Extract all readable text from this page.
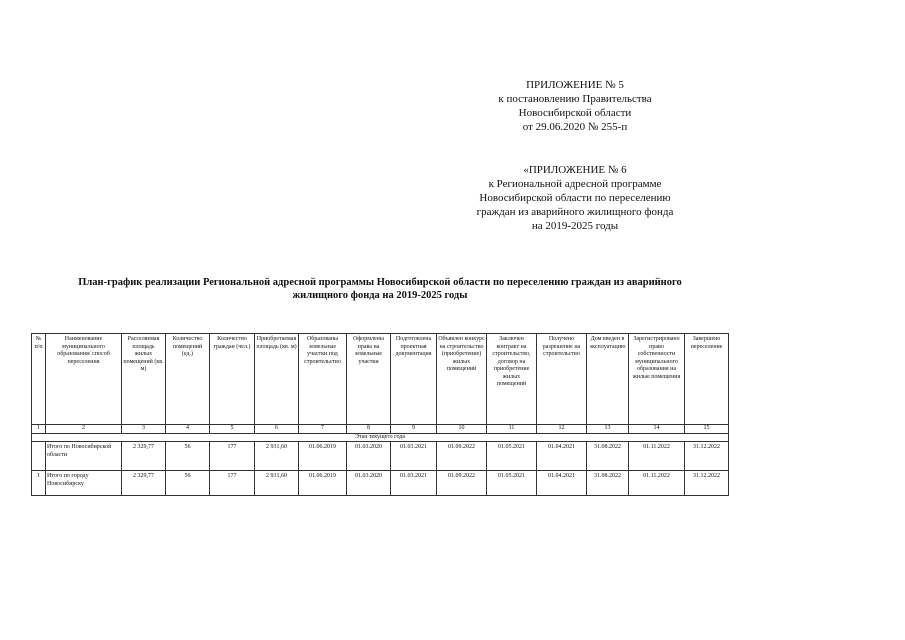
ПРИЛОЖЕНИЕ № 5
к постановлению Правительства
Новосибирской области
от 29.06.2020 № 255-п
«ПРИЛОЖЕНИЕ № 6
к Региональной адресной программе
Новосибирской области по переселению
граждан из аварийного жилищного фонда
на 2019-2025 годы
План-график реализации Региональной адресной программы Новосибирской области по переселению граждан из аварийного
жилищного фонда на 2019-2025 годы
№ п/п	Наименование муниципального образования/ способ переселения	Расселяемая площадь жилых помещений (кв. м)	Количество помещений (ед.)	Количество граждан (чел.)	Приобретаемая площадь (кв. м)	Образованы земельные участки под строительство	Оформлены права на земельные участки	Подготовлена проектная документация	Объявлен конкурс на строительство (приобретение) жилых помещений	Заключен контракт на строительство, договор на приобретение жилых помещений	Получено разрешение на строительство	Дом введен в эксплуатацию	Зарегистрировано право собственности муниципального образования на жилые помещения	Завершено переселение
1	2	3	4	5	6	7	8	9	10	11	12	13	14	15
Этап текущего года														
	Итого по Новосибирской области	2 329,77	56	177	2 931,60	01.06.2019	01.03.2020	01.03.2021	01.09.2022	01.05.2021	01.04.2021	31.08.2022	01.11.2022	31.12.2022
1	Итого по городу Новосибирску	2 329,77	56	177	2 931,60	01.06.2019	01.03.2020	01.03.2021	01.09.2022	01.05.2021	01.04.2021	31.08.2022	01.11.2022	31.12.2022
